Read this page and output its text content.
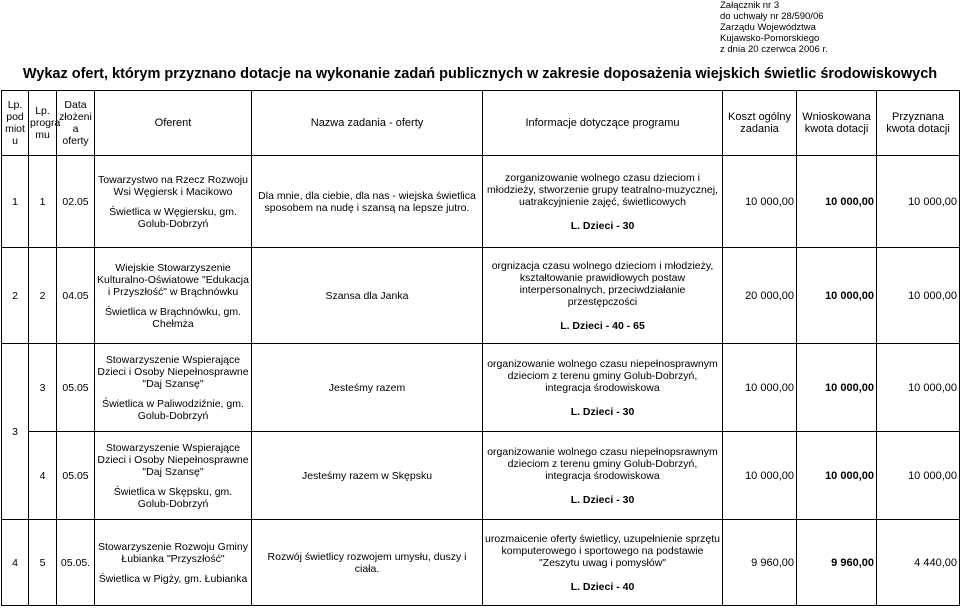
Załącznik nr 3
do uchwały nr 28/590/06
Zarządu Województwa
Kujawsko-Pomorskiego
z dnia 20 czerwca 2006 r.
Wykaz ofert, którym przyznano dotacje na wykonanie zadań publicznych w zakresie doposażenia wiejskich świetlic środowiskowych
Lp. pod miot u	Lp. progra mu	Data złożeni a oferty	Oferent	Nazwa zadania - oferty	Informacje dotyczące programu	Koszt ogólny zadania	Wnioskowana kwota dotacji	Przyznana kwota dotacji
1	1	02.05	Towarzystwo na Rzecz Rozwoju Wsi Węgiersk i Macikowo
Świetlica w Węgiersku, gm. Golub-Dobrzyń	Dla mnie, dla ciebie, dla nas - wiejska świetlica sposobem na nudę i szansą na lepsze jutro.	zorganizowanie wolnego czasu dzieciom i młodzieży, stworzenie grupy teatralno-muzycznej, uatrakcyjnienie zajęć, świetlicowych
L. Dzieci - 30	10 000,00	10 000,00	10 000,00
2	2	04.05	Wiejskie Stowarzyszenie Kulturalno-Oświatowe "Edukacja i Przyszłość" w Brąchnówku
Świetlica w Brąchnówku, gm. Chełmża	Szansa dla Janka	orgnizacja czasu wolnego dzieciom i młodzieży, kształtowanie prawidłowych postaw interpersonalnych, przeciwdziałanie przestępczości
L. Dzieci - 40 - 65	20 000,00	10 000,00	10 000,00
3	3	05.05	Stowarzyszenie Wspierające Dzieci i Osoby Niepełnosprawne "Daj Szansę"
Świetlica w Paliwodziźnie, gm. Golub-Dobrzyń	Jesteśmy razem	organizowanie wolnego czasu niepełnosprawnym dzieciom z terenu gminy Golub-Dobrzyń, integracja środowiskowa
L. Dzieci - 30	10 000,00	10 000,00	10 000,00
	4	05.05	Stowarzyszenie Wspierające Dzieci i Osoby Niepełnosprawne "Daj Szansę"
Świetlica w Skępsku, gm. Golub-Dobrzyń	Jesteśmy razem w Skępsku	organizowanie wolnego czasu niepełnopsrawnym dzieciom z terenu gminy Golub-Dobrzyń, integracja środowiskowa
L. Dzieci - 30	10 000,00	10 000,00	10 000,00
4	5	05.05.	Stowarzyszenie Rozwoju Gminy Łubianka "Przyszłość"
Świetlica w Pigży, gm. Łubianka	Rozwój świetlicy rozwojem umysłu, duszy i ciała.	urozmaicenie oferty świetlicy, uzupełnienie sprzętu komputerowego i sportowego na podstawie "Zeszytu uwag i pomysłów"
L. Dzieci - 40	9 960,00	9 960,00	4 440,00
